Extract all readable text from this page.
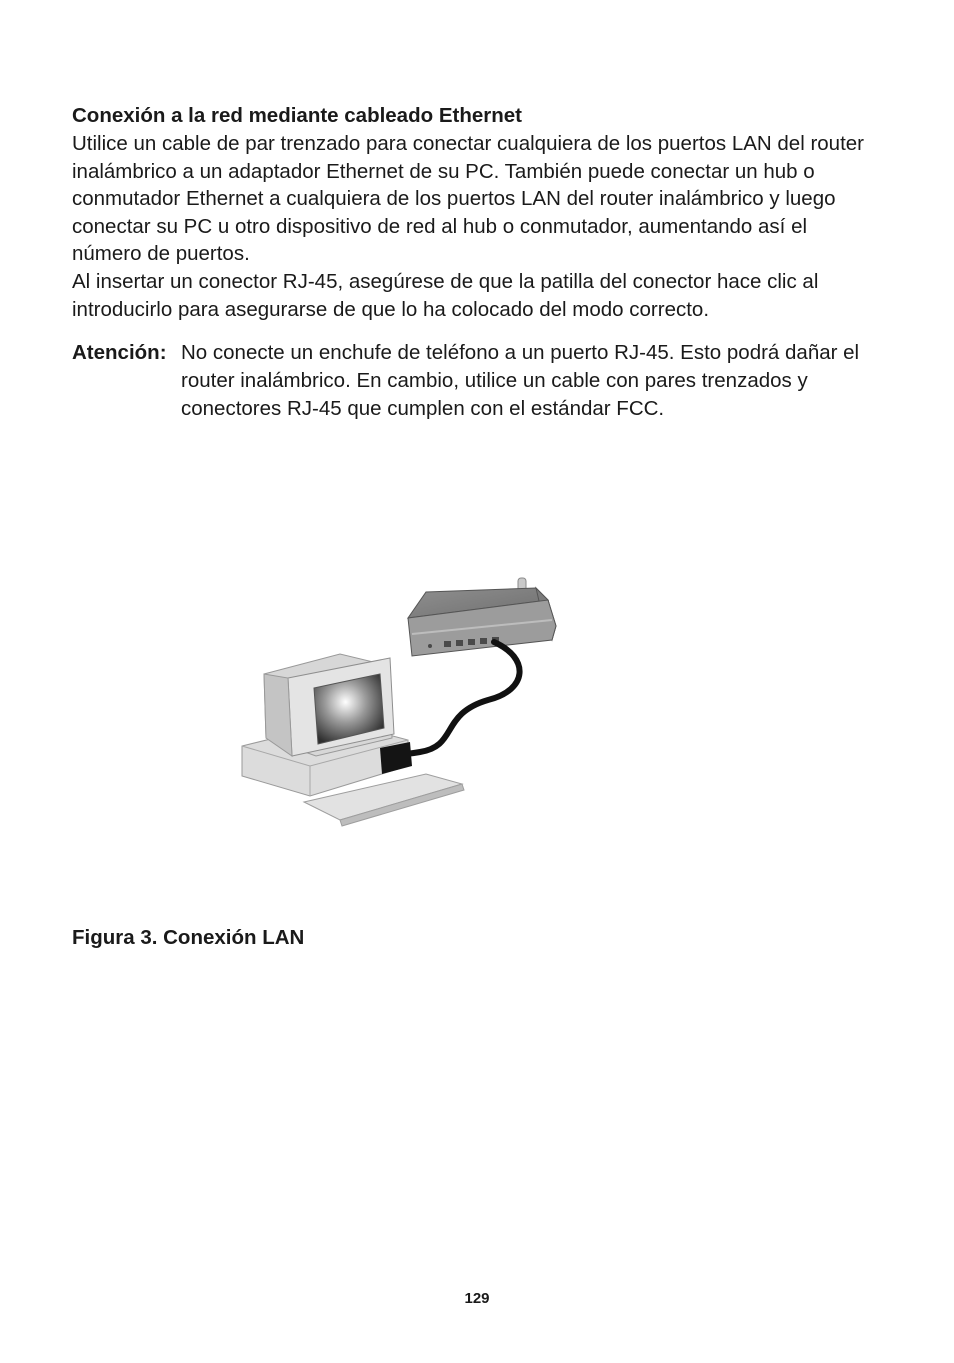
Conexión a la red mediante cableado Ethernet

Utilice un cable de par trenzado para conectar cualquiera de los puertos LAN del router inalámbrico a un adaptador Ethernet de su PC. También puede conectar un hub o conmutador Ethernet a cualquiera de los puertos LAN del router inalámbrico y luego conectar su PC u otro dispositivo de red al hub o conmutador, aumentando así el número de puertos.

Al insertar un conector RJ-45, asegúrese de que la patilla del conector hace clic al introducirlo para asegurarse de que lo ha colocado del modo correcto.

Atención: No conecte un enchufe de teléfono a un puerto RJ-45. Esto podrá dañar el router inalámbrico. En cambio, utilice un cable con pares trenzados y conectores RJ-45 que cumplen con el estándar FCC.

Figura 3. Conexión LAN

129
